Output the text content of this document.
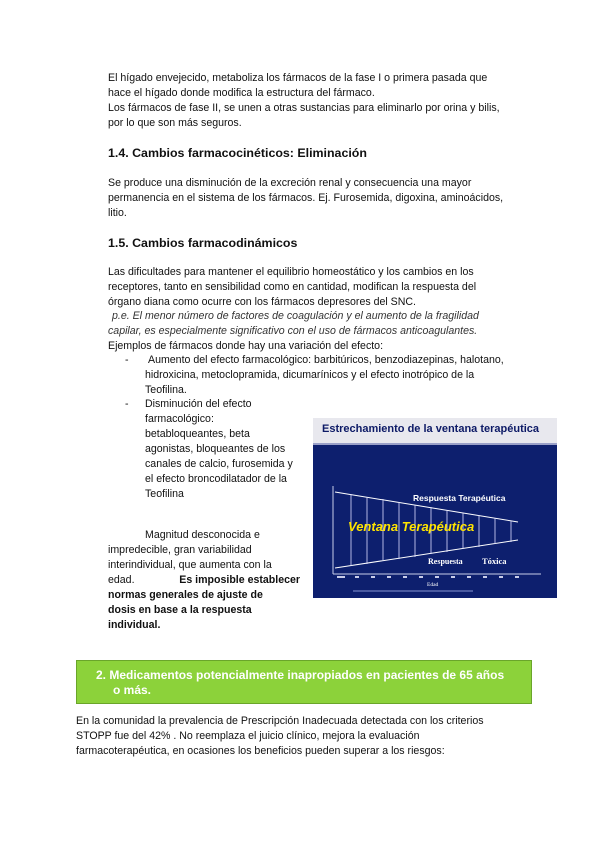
El hígado envejecido, metaboliza los fármacos de la fase I o primera pasada que

hace el hígado donde modifica la estructura del fármaco.

Los fármacos de fase II, se unen a otras sustancias para eliminarlo por orina y bilis,

por lo que son más seguros.

1.4. Cambios farmacocinéticos: Eliminación

Se produce una disminución de la excreción renal y consecuencia una mayor

permanencia en el sistema de los fármacos. Ej. Furosemida, digoxina, aminoácidos,

litio.

1.5. Cambios farmacodinámicos

Las dificultades para mantener el equilibrio homeostático y los cambios en los

receptores, tanto en sensibilidad como en cantidad, modifican la respuesta del

órgano diana como ocurre con los fármacos depresores del SNC.

p.e. El menor número de factores de coagulación y el aumento de la fragilidad

capilar, es especialmente significativo con el uso de fármacos anticoagulantes.

Ejemplos de fármacos donde hay una variación del efecto:

- Aumento del efecto farmacológico: barbitúricos, benzodiazepinas, halotano,

hidroxicina, metoclopramida, dicumarínicos y el efecto inotrópico de la

Teofilina.

- Disminución del efecto

farmacológico:

betabloqueantes, beta

agonistas, bloqueantes de los

canales de calcio, furosemida y

el efecto broncodilatador de la

Teofilina

Magnitud desconocida e

impredecible, gran variabilidad

interindividual, que aumenta con la

edad.	Es imposible establecer

normas generales de ajuste de

dosis en base a la respuesta

individual.

Estrechamiento de la ventana terapéutica
Respuesta Terapéutica
Ventana Terapéutica
Respuesta Tóxica
Edad
2. Medicamentos potencialmente inapropiados en pacientes de 65 años
o más.

En la comunidad la prevalencia de Prescripción Inadecuada detectada con los criterios

STOPP fue del 42% . No reemplaza el juicio clínico, mejora la evaluación

farmacoterapéutica, en ocasiones los beneficios pueden superar a los riesgos:
